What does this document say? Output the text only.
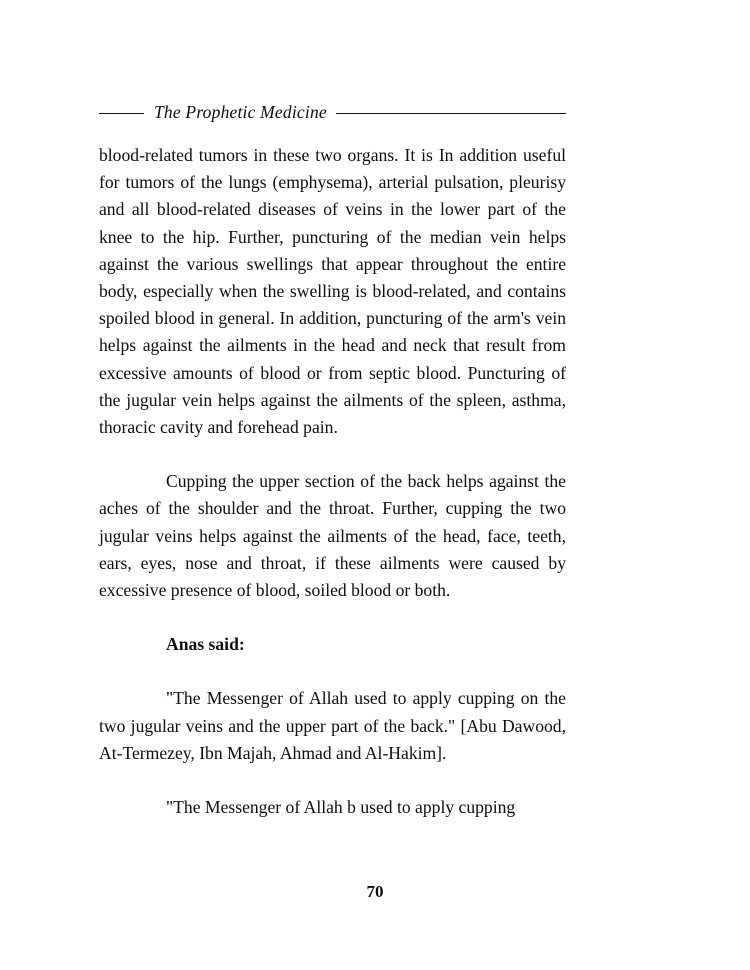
The Prophetic Medicine

blood-related tumors in these two organs. It is In addition useful for tumors of the lungs (emphysema), arterial pulsation, pleurisy and all blood-related diseases of veins in the lower part of the knee to the hip. Further, puncturing of the median vein helps against the various swellings that appear throughout the entire body, especially when the swelling is blood-related, and contains spoiled blood in general. In addition, puncturing of the arm's vein helps against the ailments in the head and neck that result from excessive amounts of blood or from septic blood. Puncturing of the jugular vein helps against the ailments of the spleen, asthma, thoracic cavity and forehead pain.

Cupping the upper section of the back helps against the aches of the shoulder and the throat. Further, cupping the two jugular veins helps against the ailments of the head, face, teeth, ears, eyes, nose and throat, if these ailments were caused by excessive presence of blood, soiled blood or both.

Anas said:

"The Messenger of Allah used to apply cupping on the two jugular veins and the upper part of the back." [Abu Dawood, At-Termezey, Ibn Majah, Ahmad and Al-Hakim].

"The Messenger of Allah b used to apply cupping

70
